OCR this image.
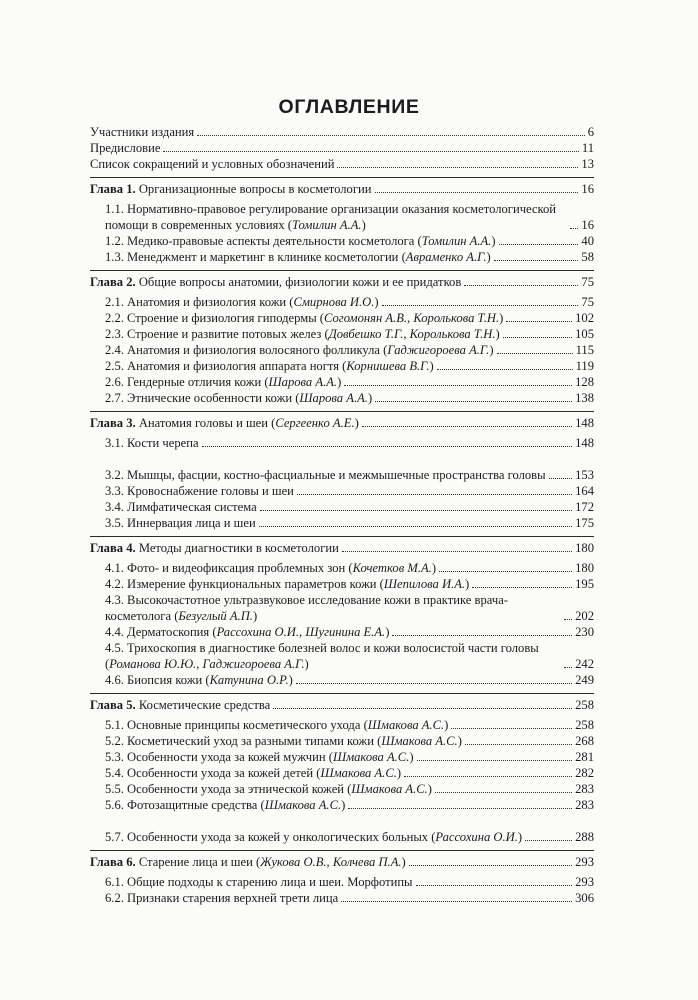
ОГЛАВЛЕНИЕ
Участники издания	6
Предисловие	11
Список сокращений и условных обозначений	13
Глава 1. Организационные вопросы в косметологии	16
1.1. Нормативно-правовое регулирование организации оказания косметологической помощи в современных условиях (Томилин А.А.)	16
1.2. Медико-правовые аспекты деятельности косметолога (Томилин А.А.)	40
1.3. Менеджмент и маркетинг в клинике косметологии (Авраменко А.Г.)	58
Глава 2. Общие вопросы анатомии, физиологии кожи и ее придатков	75
2.1. Анатомия и физиология кожи (Смирнова И.О.)	75
2.2. Строение и физиология гиподермы (Согомонян А.В., Королькова Т.Н.)	102
2.3. Строение и развитие потовых желез (Довбешко Т.Г., Королькова Т.Н.)	105
2.4. Анатомия и физиология волосяного фолликула (Гаджигороева А.Г.)	115
2.5. Анатомия и физиология аппарата ногтя (Корнишева В.Г.)	119
2.6. Гендерные отличия кожи (Шарова А.А.)	128
2.7. Этнические особенности кожи (Шарова А.А.)	138
Глава 3. Анатомия головы и шеи (Сергеенко А.Е.)	148
3.1. Кости черепа	148
3.2. Мышцы, фасции, костно-фасциальные и межмышечные пространства головы 153
3.3. Кровоснабжение головы и шеи	164
3.4. Лимфатическая система	172
3.5. Иннервация лица и шеи	175
Глава 4. Методы диагностики в косметологии	180
4.1. Фото- и видеофиксация проблемных зон (Кочетков М.А.)	180
4.2. Измерение функциональных параметров кожи (Шепилова И.А.)	195
4.3. Высокочастотное ультразвуковое исследование кожи в практике врача-косметолога (Безуглый А.П.)	202
4.4. Дерматоскопия (Рассохина О.И., Шугинина Е.А.)	230
4.5. Трихоскопия в диагностике болезней волос и кожи волосистой части головы (Романова Ю.Ю., Гаджигороева А.Г.)	242
4.6. Биопсия кожи (Катунина О.Р.)	249
Глава 5. Косметические средства	258
5.1. Основные принципы косметического ухода (Шмакова А.С.)	258
5.2. Косметический уход за разными типами кожи (Шмакова А.С.)	268
5.3. Особенности ухода за кожей мужчин (Шмакова А.С.)	281
5.4. Особенности ухода за кожей детей (Шмакова А.С.)	282
5.5. Особенности ухода за этнической кожей (Шмакова А.С.)	283
5.6. Фотозащитные средства (Шмакова А.С.)	283
5.7. Особенности ухода за кожей у онкологических больных (Рассохина О.И.)	288
Глава 6. Старение лица и шеи (Жукова О.В., Колчева П.А.)	293
6.1. Общие подходы к старению лица и шеи. Морфотипы	293
6.2. Признаки старения верхней трети лица	306
